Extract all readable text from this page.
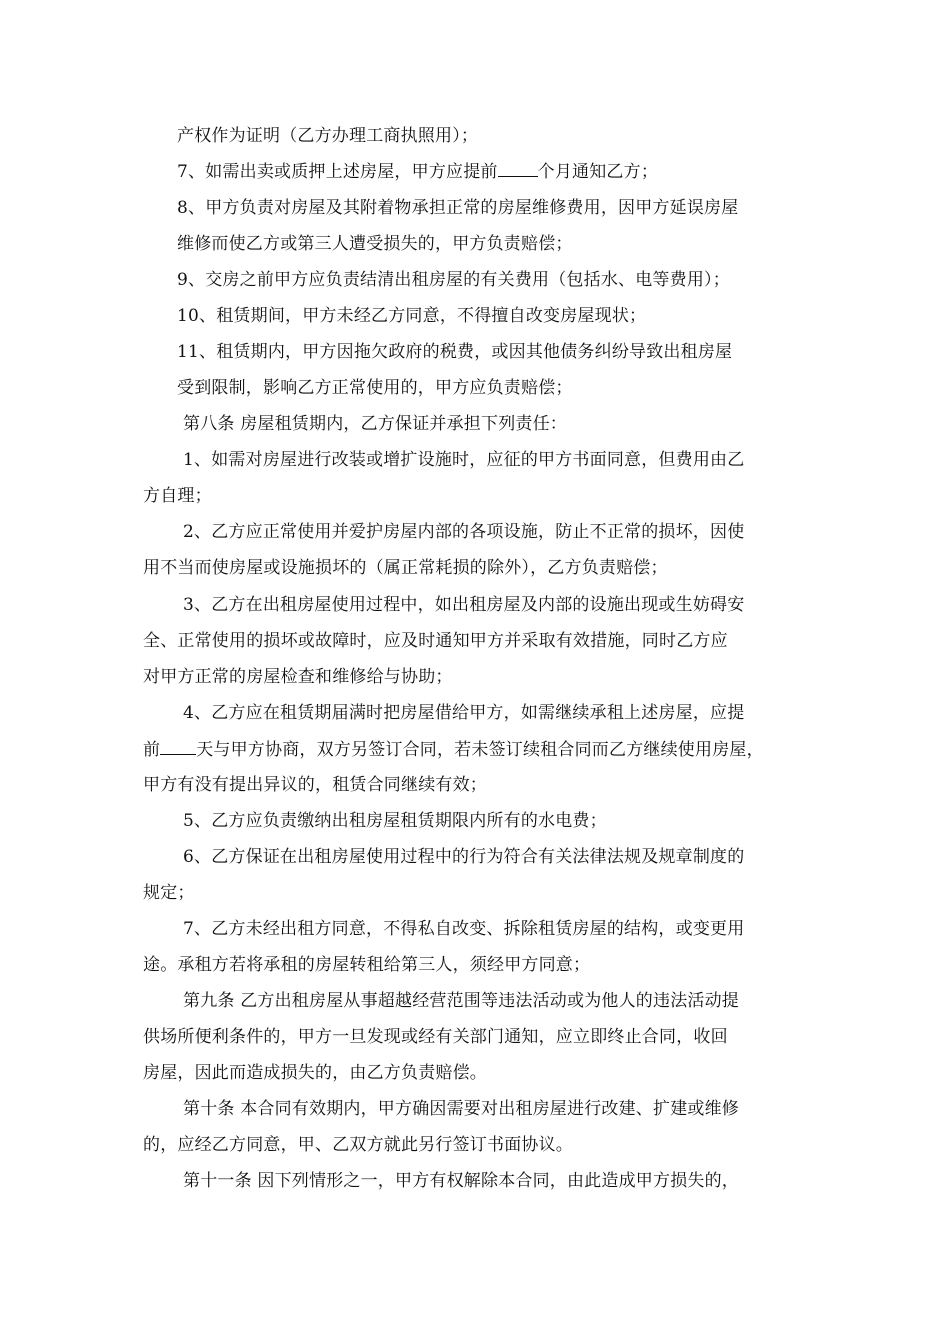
产权作为证明（乙方办理工商执照用）；
7、如需出卖或质押上述房屋，甲方应提前 个月通知乙方；
8、甲方负责对房屋及其附着物承担正常的房屋维修费用，因甲方延误房屋
维修而使乙方或第三人遭受损失的，甲方负责赔偿；
9、交房之前甲方应负责结清出租房屋的有关费用（包括水、电等费用）；
10、租赁期间，甲方未经乙方同意，不得擅自改变房屋现状；
11、租赁期内，甲方因拖欠政府的税费，或因其他债务纠纷导致出租房屋
受到限制，影响乙方正常使用的，甲方应负责赔偿；
第八条 房屋租赁期内，乙方保证并承担下列责任：
1、如需对房屋进行改装或增扩设施时，应征的甲方书面同意，但费用由乙
方自理；
2、乙方应正常使用并爱护房屋内部的各项设施，防止不正常的损坏，因使
用不当而使房屋或设施损坏的（属正常耗损的除外），乙方负责赔偿；
3、乙方在出租房屋使用过程中，如出租房屋及内部的设施出现或生妨碍安
全、正常使用的损坏或故障时，应及时通知甲方并采取有效措施，同时乙方应
对甲方正常的房屋检查和维修给与协助；
4、乙方应在租赁期届满时把房屋借给甲方，如需继续承租上述房屋，应提
前 天与甲方协商，双方另签订合同，若未签订续租合同而乙方继续使用房屋，
甲方有没有提出异议的，租赁合同继续有效；
5、乙方应负责缴纳出租房屋租赁期限内所有的水电费；
6、乙方保证在出租房屋使用过程中的行为符合有关法律法规及规章制度的
规定；
7、乙方未经出租方同意，不得私自改变、拆除租赁房屋的结构，或变更用
途。承租方若将承租的房屋转租给第三人，须经甲方同意；
第九条 乙方出租房屋从事超越经营范围等违法活动或为他人的违法活动提
供场所便利条件的，甲方一旦发现或经有关部门通知，应立即终止合同，收回
房屋，因此而造成损失的，由乙方负责赔偿。
第十条 本合同有效期内，甲方确因需要对出租房屋进行改建、扩建或维修
的，应经乙方同意，甲、乙双方就此另行签订书面协议。
第十一条 因下列情形之一，甲方有权解除本合同，由此造成甲方损失的，
